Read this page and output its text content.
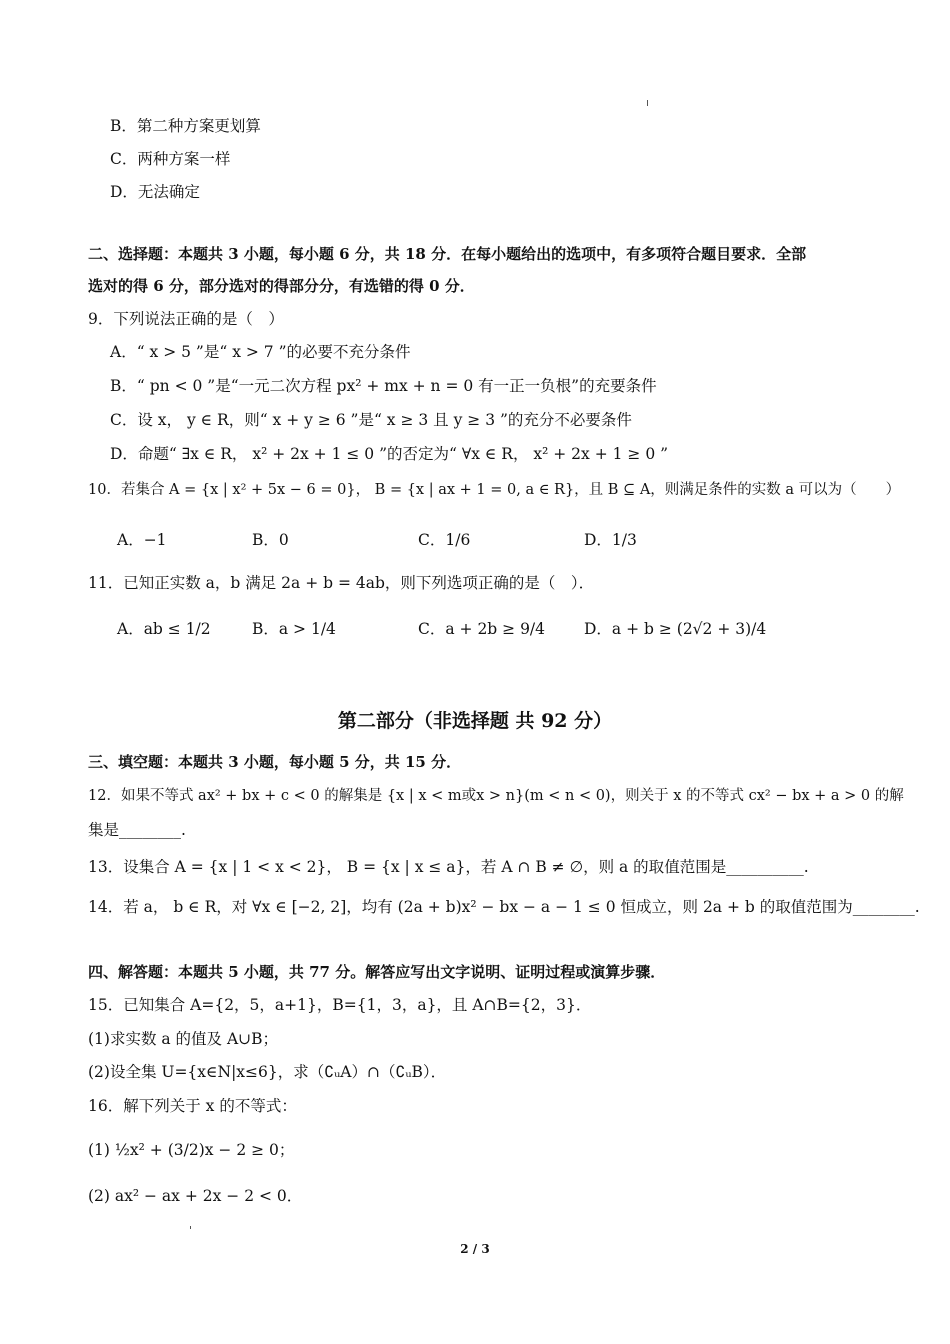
B．第二种方案更划算
C．两种方案一样
D．无法确定
二、选择题：本题共 3 小题，每小题 6 分，共 18 分．在每小题给出的选项中，有多项符合题目要求．全部
选对的得 6 分，部分选对的得部分分，有选错的得 0 分．
9．下列说法正确的是（　）
A．“ x > 5 ”是“ x > 7 ”的必要不充分条件
B．“ pn < 0 ”是“一元二次方程 px² + mx + n = 0 有一正一负根”的充要条件
C．设 x， y ∈ R，则“ x + y ≥ 6 ”是“ x ≥ 3 且 y ≥ 3 ”的充分不必要条件
D．命题“ ∃x ∈ R， x² + 2x + 1 ≤ 0 ”的否定为“ ∀x ∈ R， x² + 2x + 1 ≥ 0 ”
10．若集合 A = {x | x² + 5x − 6 = 0}， B = {x | ax + 1 = 0, a ∈ R}，且 B ⊆ A，则满足条件的实数 a 可以为（　　）
A．−1	B．0	C．1/6	D．1/3
11．已知正实数 a，b 满足 2a + b = 4ab，则下列选项正确的是（　）．
A．ab ≤ 1/2	B．a > 1/4	C．a + 2b ≥ 9/4	D．a + b ≥ (2√2 + 3)/4
第二部分（非选择题 共 92 分）
三、填空题：本题共 3 小题，每小题 5 分，共 15 分．
12．如果不等式 ax² + bx + c < 0 的解集是 {x | x < m或x > n}(m < n < 0)，则关于 x 的不等式 cx² − bx + a > 0 的解
集是________.
13．设集合 A = {x | 1 < x < 2}， B = {x | x ≤ a}，若 A ∩ B ≠ ∅，则 a 的取值范围是__________.
14．若 a， b ∈ R，对 ∀x ∈ [−2, 2]，均有 (2a + b)x² − bx − a − 1 ≤ 0 恒成立，则 2a + b 的取值范围为________.
四、解答题：本题共 5 小题，共 77 分。解答应写出文字说明、证明过程或演算步骤．
15．已知集合 A={2，5，a+1}，B={1，3，a}，且 A∩B={2，3}．
(1)求实数 a 的值及 A∪B；
(2)设全集 U={x∈N|x≤6}，求（∁ᵤA）∩（∁ᵤB）．
16．解下列关于 x 的不等式：
(1) ½x² + (3/2)x − 2 ≥ 0；
(2) ax² − ax + 2x − 2 < 0．
2 / 3
